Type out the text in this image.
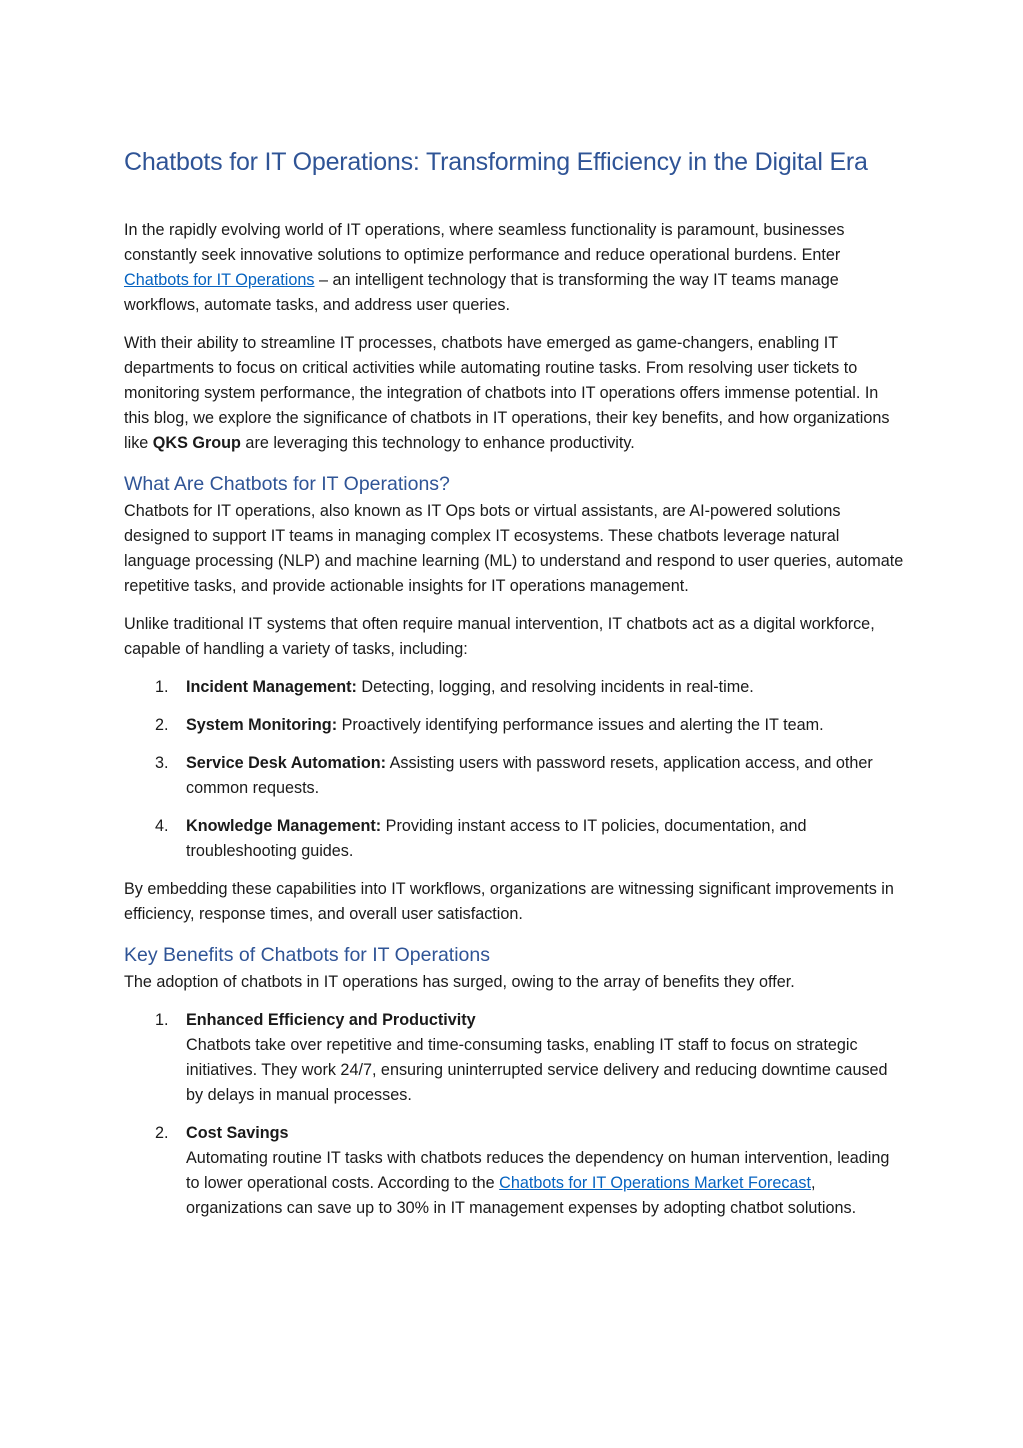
Chatbots for IT Operations: Transforming Efficiency in the Digital Era

In the rapidly evolving world of IT operations, where seamless functionality is paramount, businesses constantly seek innovative solutions to optimize performance and reduce operational burdens. Enter Chatbots for IT Operations – an intelligent technology that is transforming the way IT teams manage workflows, automate tasks, and address user queries.

With their ability to streamline IT processes, chatbots have emerged as game-changers, enabling IT departments to focus on critical activities while automating routine tasks. From resolving user tickets to monitoring system performance, the integration of chatbots into IT operations offers immense potential. In this blog, we explore the significance of chatbots in IT operations, their key benefits, and how organizations like QKS Group are leveraging this technology to enhance productivity.

What Are Chatbots for IT Operations?

Chatbots for IT operations, also known as IT Ops bots or virtual assistants, are AI-powered solutions designed to support IT teams in managing complex IT ecosystems. These chatbots leverage natural language processing (NLP) and machine learning (ML) to understand and respond to user queries, automate repetitive tasks, and provide actionable insights for IT operations management.

Unlike traditional IT systems that often require manual intervention, IT chatbots act as a digital workforce, capable of handling a variety of tasks, including:

1. Incident Management: Detecting, logging, and resolving incidents in real-time.
2. System Monitoring: Proactively identifying performance issues and alerting the IT team.
3. Service Desk Automation: Assisting users with password resets, application access, and other common requests.
4. Knowledge Management: Providing instant access to IT policies, documentation, and troubleshooting guides.

By embedding these capabilities into IT workflows, organizations are witnessing significant improvements in efficiency, response times, and overall user satisfaction.

Key Benefits of Chatbots for IT Operations

The adoption of chatbots in IT operations has surged, owing to the array of benefits they offer.

1. Enhanced Efficiency and Productivity
Chatbots take over repetitive and time-consuming tasks, enabling IT staff to focus on strategic initiatives. They work 24/7, ensuring uninterrupted service delivery and reducing downtime caused by delays in manual processes.
2. Cost Savings
Automating routine IT tasks with chatbots reduces the dependency on human intervention, leading to lower operational costs. According to the Chatbots for IT Operations Market Forecast, organizations can save up to 30% in IT management expenses by adopting chatbot solutions.
